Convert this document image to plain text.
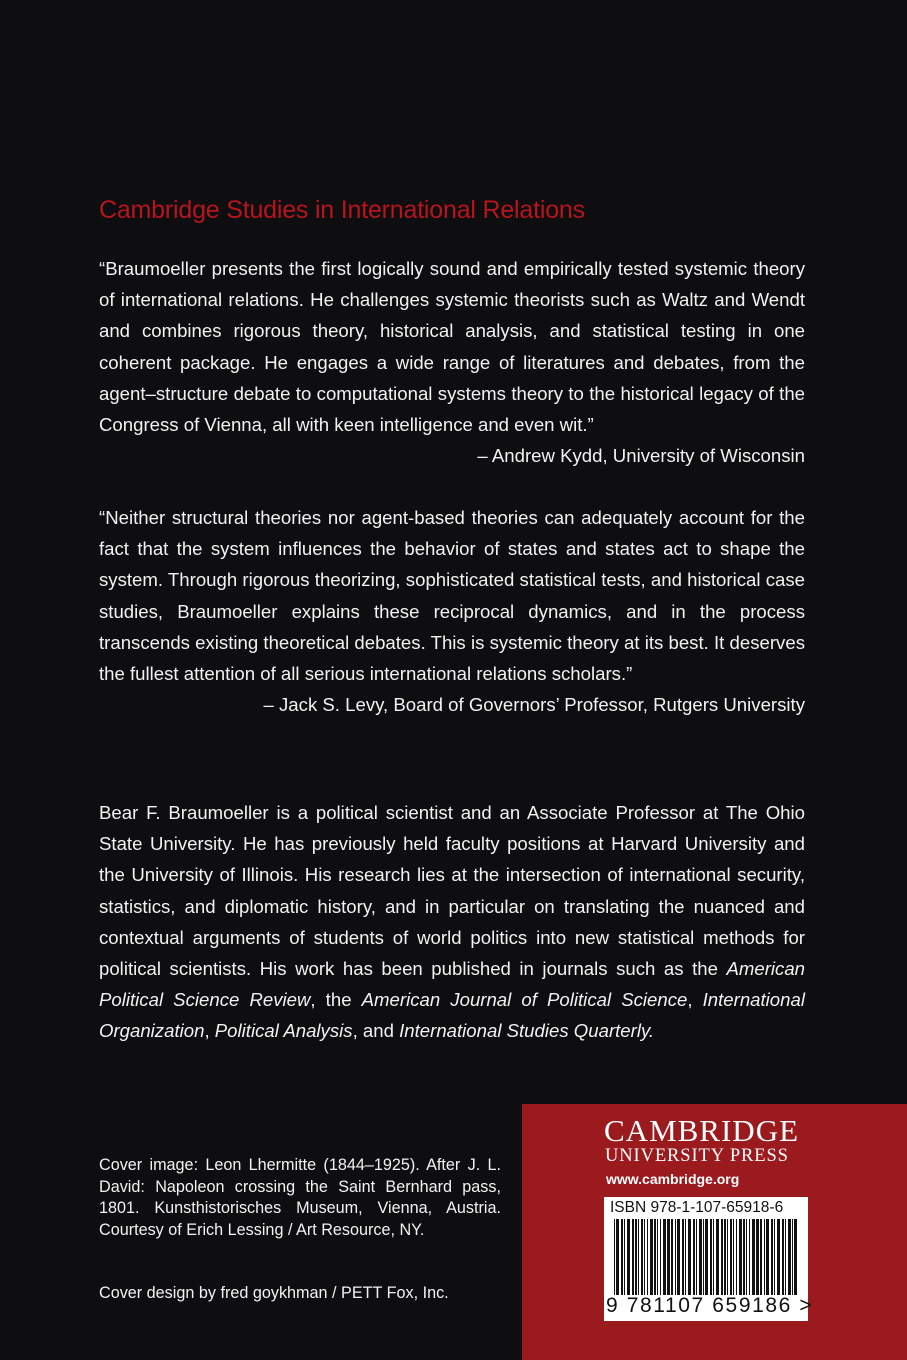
Cambridge Studies in International Relations

“Braumoeller presents the first logically sound and empirically tested systemic theory of international relations. He challenges systemic theorists such as Waltz and Wendt and combines rigorous theory, historical analysis, and statistical testing in one coherent package. He engages a wide range of literatures and debates, from the agent–structure debate to computational systems theory to the historical legacy of the Congress of Vienna, all with keen intelligence and even wit.”

– Andrew Kydd, University of Wisconsin

“Neither structural theories nor agent-based theories can adequately account for the fact that the system influences the behavior of states and states act to shape the system. Through rigorous theorizing, sophisticated statistical tests, and historical case studies, Braumoeller explains these reciprocal dynamics, and in the process transcends existing theoretical debates. This is systemic theory at its best. It deserves the fullest attention of all serious international relations scholars.”

– Jack S. Levy, Board of Governors’ Professor, Rutgers University

Bear F. Braumoeller is a political scientist and an Associate Professor at The Ohio State University. He has previously held faculty positions at Harvard University and the University of Illinois. His research lies at the intersection of international security, statistics, and diplomatic history, and in particular on translating the nuanced and contextual arguments of students of world politics into new statistical methods for political scientists. His work has been published in journals such as the American Political Science Review, the American Journal of Political Science, International Organization, Political Analysis, and International Studies Quarterly.

Cover image: Leon Lhermitte (1844–1925). After J. L. David: Napoleon crossing the Saint Bernhard pass, 1801. Kunsthistorisches Museum, Vienna, Austria. Courtesy of Erich Lessing / Art Resource, NY.
Cover design by fred goykhman / PETT Fox, Inc.
CAMBRIDGE
UNIVERSITY PRESS
www.cambridge.org
ISBN 978-1-107-65918-6
9 781107 659186 >
